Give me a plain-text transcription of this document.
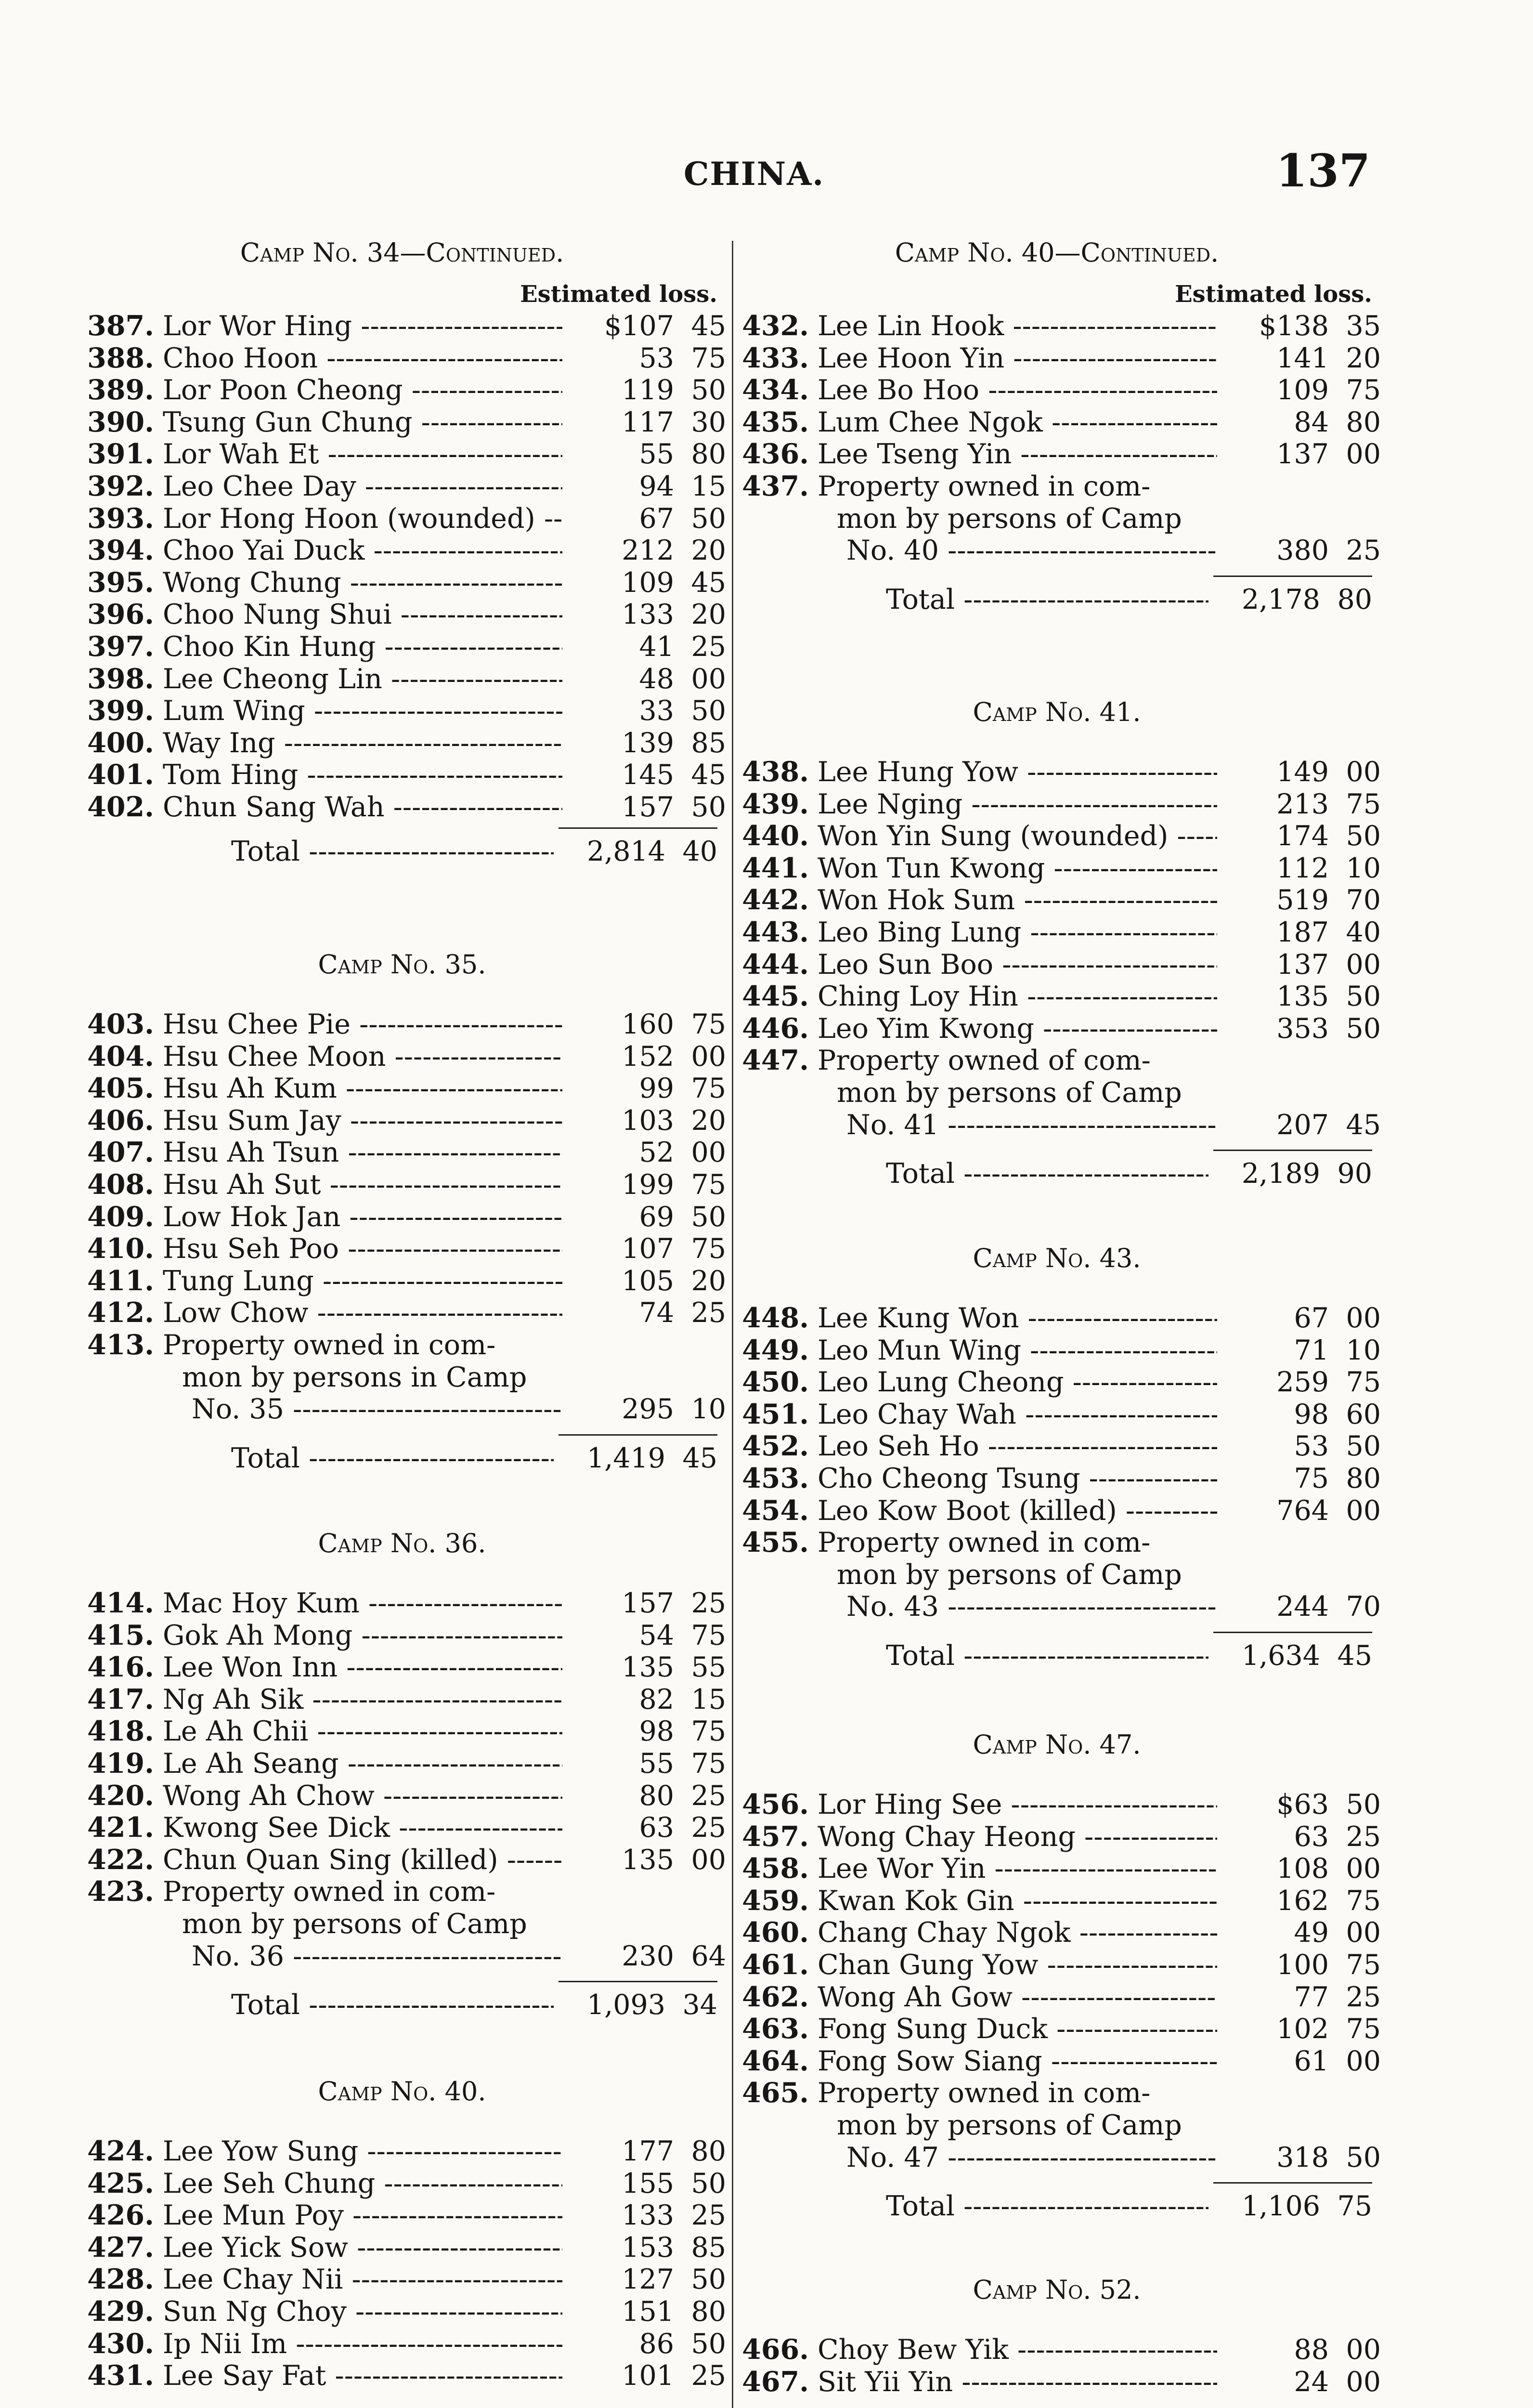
CHINA.	137
Camp No. 34—Continued.
Estimated loss.
387. Lor Wor Hing -----	$107 45
388. Choo Hoon -----	53 75
389. Lor Poon Cheong -----	119 50
390. Tsung Gun Chung -----	117 30
391. Lor Wah Et -----	55 80
392. Leo Chee Day -----	94 15
393. Lor Hong Hoon (wounded) -----	67 50
394. Choo Yai Duck -----	212 20
395. Wong Chung -----	109 45
396. Choo Nung Shui -----	133 20
397. Choo Kin Hung -----	41 25
398. Lee Cheong Lin -----	48 00
399. Lum Wing -----	33 50
400. Way Ing -----	139 85
401. Tom Hing -----	145 45
402. Chun Sang Wah -----	157 50
Total -----	2,814 40
Camp No. 35.
403. Hsu Chee Pie -----	160 75
404. Hsu Chee Moon -----	152 00
405. Hsu Ah Kum -----	99 75
406. Hsu Sum Jay -----	103 20
407. Hsu Ah Tsun -----	52 00
408. Hsu Ah Sut -----	199 75
409. Low Hok Jan -----	69 50
410. Hsu Seh Poo -----	107 75
411. Tung Lung -----	105 20
412. Low Chow -----	74 25
413. Property owned in com-
mon by persons in Camp
No. 35 -----	295 10
Total -----	1,419 45
Camp No. 36.
414. Mac Hoy Kum -----	157 25
415. Gok Ah Mong -----	54 75
416. Lee Won Inn -----	135 55
417. Ng Ah Sik -----	82 15
418. Le Ah Chii -----	98 75
419. Le Ah Seang -----	55 75
420. Wong Ah Chow -----	80 25
421. Kwong See Dick -----	63 25
422. Chun Quan Sing (killed) -----	135 00
423. Property owned in com-
mon by persons of Camp
No. 36 -----	230 64
Total -----	1,093 34
Camp No. 40.
424. Lee Yow Sung -----	177 80
425. Lee Seh Chung -----	155 50
426. Lee Mun Poy -----	133 25
427. Lee Yick Sow -----	153 85
428. Lee Chay Nii -----	127 50
429. Sun Ng Choy -----	151 80
430. Ip Nii Im -----	86 50
431. Lee Say Fat -----	101 25
Camp No. 40—Continued.
Estimated loss.
432. Lee Lin Hook -----	$138 35
433. Lee Hoon Yin -----	141 20
434. Lee Bo Hoo -----	109 75
435. Lum Chee Ngok -----	84 80
436. Lee Tseng Yin -----	137 00
437. Property owned in com-
mon by persons of Camp
No. 40 -----	380 25
Total -----	2,178 80
Camp No. 41.
438. Lee Hung Yow -----	149 00
439. Lee Nging -----	213 75
440. Won Yin Sung (wounded) -----	174 50
441. Won Tun Kwong -----	112 10
442. Won Hok Sum -----	519 70
443. Leo Bing Lung -----	187 40
444. Leo Sun Boo -----	137 00
445. Ching Loy Hin -----	135 50
446. Leo Yim Kwong -----	353 50
447. Property owned of com-
mon by persons of Camp
No. 41 -----	207 45
Total -----	2,189 90
Camp No. 43.
448. Lee Kung Won -----	67 00
449. Leo Mun Wing -----	71 10
450. Leo Lung Cheong -----	259 75
451. Leo Chay Wah -----	98 60
452. Leo Seh Ho -----	53 50
453. Cho Cheong Tsung -----	75 80
454. Leo Kow Boot (killed) -----	764 00
455. Property owned in com-
mon by persons of Camp
No. 43 -----	244 70
Total -----	1,634 45
Camp No. 47.
456. Lor Hing See -----	$63 50
457. Wong Chay Heong -----	63 25
458. Lee Wor Yin -----	108 00
459. Kwan Kok Gin -----	162 75
460. Chang Chay Ngok -----	49 00
461. Chan Gung Yow -----	100 75
462. Wong Ah Gow -----	77 25
463. Fong Sung Duck -----	102 75
464. Fong Sow Siang -----	61 00
465. Property owned in com-
mon by persons of Camp
No. 47 -----	318 50
Total -----	1,106 75
Camp No. 52.
466. Choy Bew Yik -----	88 00
467. Sit Yii Yin -----	24 00
